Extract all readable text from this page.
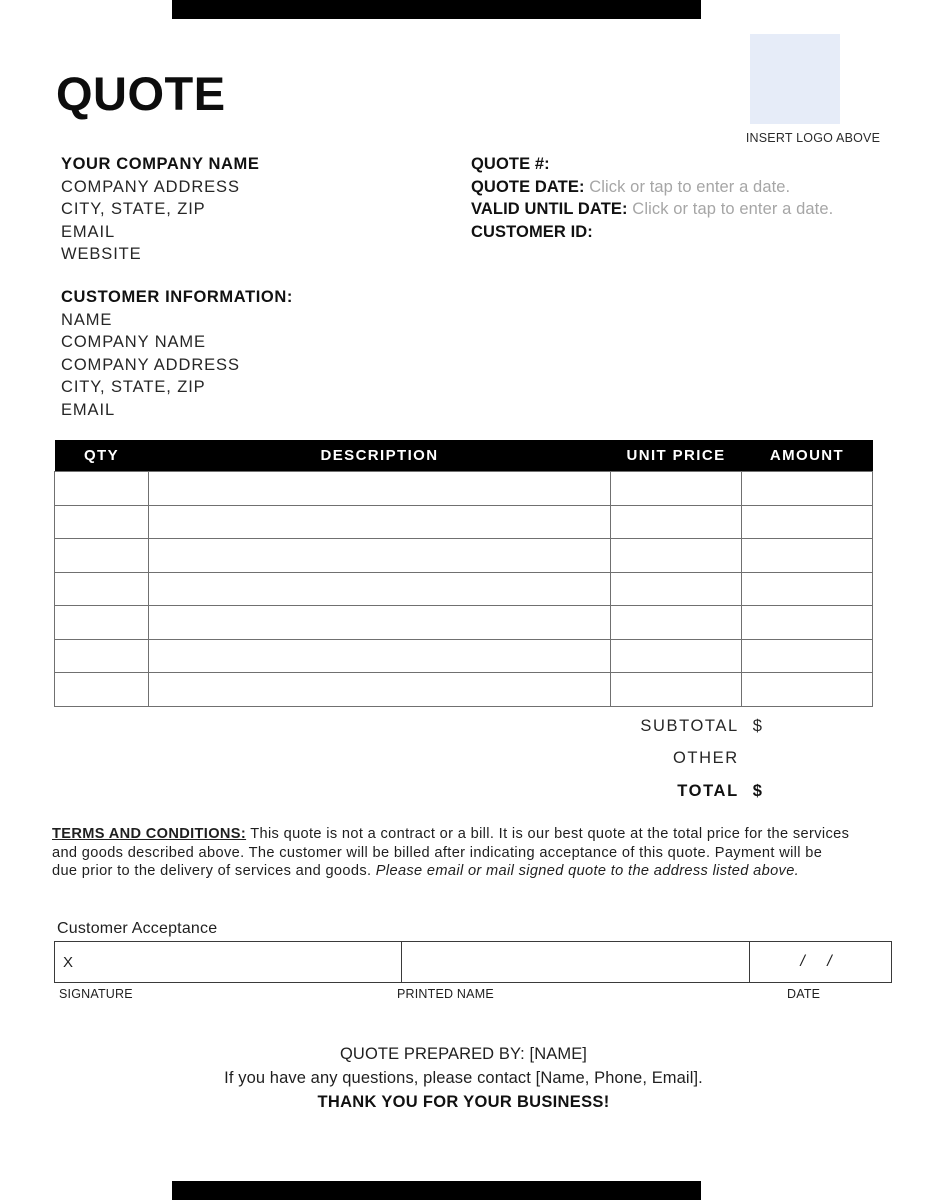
QUOTE
INSERT LOGO ABOVE
YOUR COMPANY NAME
COMPANY ADDRESS
CITY, STATE, ZIP
EMAIL
WEBSITE
QUOTE #:
QUOTE DATE: Click or tap to enter a date.
VALID UNTIL DATE: Click or tap to enter a date.
CUSTOMER ID:
CUSTOMER INFORMATION:
NAME
COMPANY NAME
COMPANY ADDRESS
CITY, STATE, ZIP
EMAIL
QTY	DESCRIPTION	UNIT PRICE	AMOUNT

SUBTOTAL $
OTHER
TOTAL $
TERMS AND CONDITIONS: This quote is not a contract or a bill. It is our best quote at the total price for the services and goods described above. The customer will be billed after indicating acceptance of this quote. Payment will be due prior to the delivery of services and goods. Please email or mail signed quote to the address listed above.
Customer Acceptance
X		/ /
SIGNATURE	PRINTED NAME	DATE
QUOTE PREPARED BY: [NAME]
If you have any questions, please contact [Name, Phone, Email].
THANK YOU FOR YOUR BUSINESS!
